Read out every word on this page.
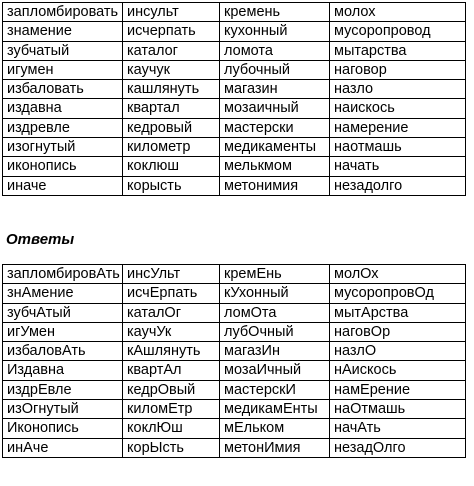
запломбировать	инсульт	кремень	молох
знамение	исчерпать	кухонный	мусоропровод
зубчатый	каталог	ломота	мытарства
игумен	каучук	лубочный	наговор
избаловать	кашлянуть	магазин	назло
издавна	квартал	мозаичный	наискось
издревле	кедровый	мастерски	намерение
изогнутый	километр	медикаменты	наотмашь
иконопись	коклюш	мелькмом	начать
иначе	корысть	метонимия	незадолго
Ответы
запломбировАть	инсУльт	кремЕнь	молОх
знАмение	исчЕрпать	кУхонный	мусоропровОд
зубчАтый	каталОг	ломОта	мытАрства
игУмен	каучУк	лубОчный	наговОр
избаловАть	кАшлянуть	магазИн	назлО
Издавна	квартАл	мозаИчный	нАискось
издрЕвле	кедрОвый	мастерскИ	намЕрение
изОгнутый	киломЕтр	медикамЕнты	наОтмашь
Иконопись	коклЮш	мЕльком	начАть
инАче	корЫсть	метонИмия	незадОлго
